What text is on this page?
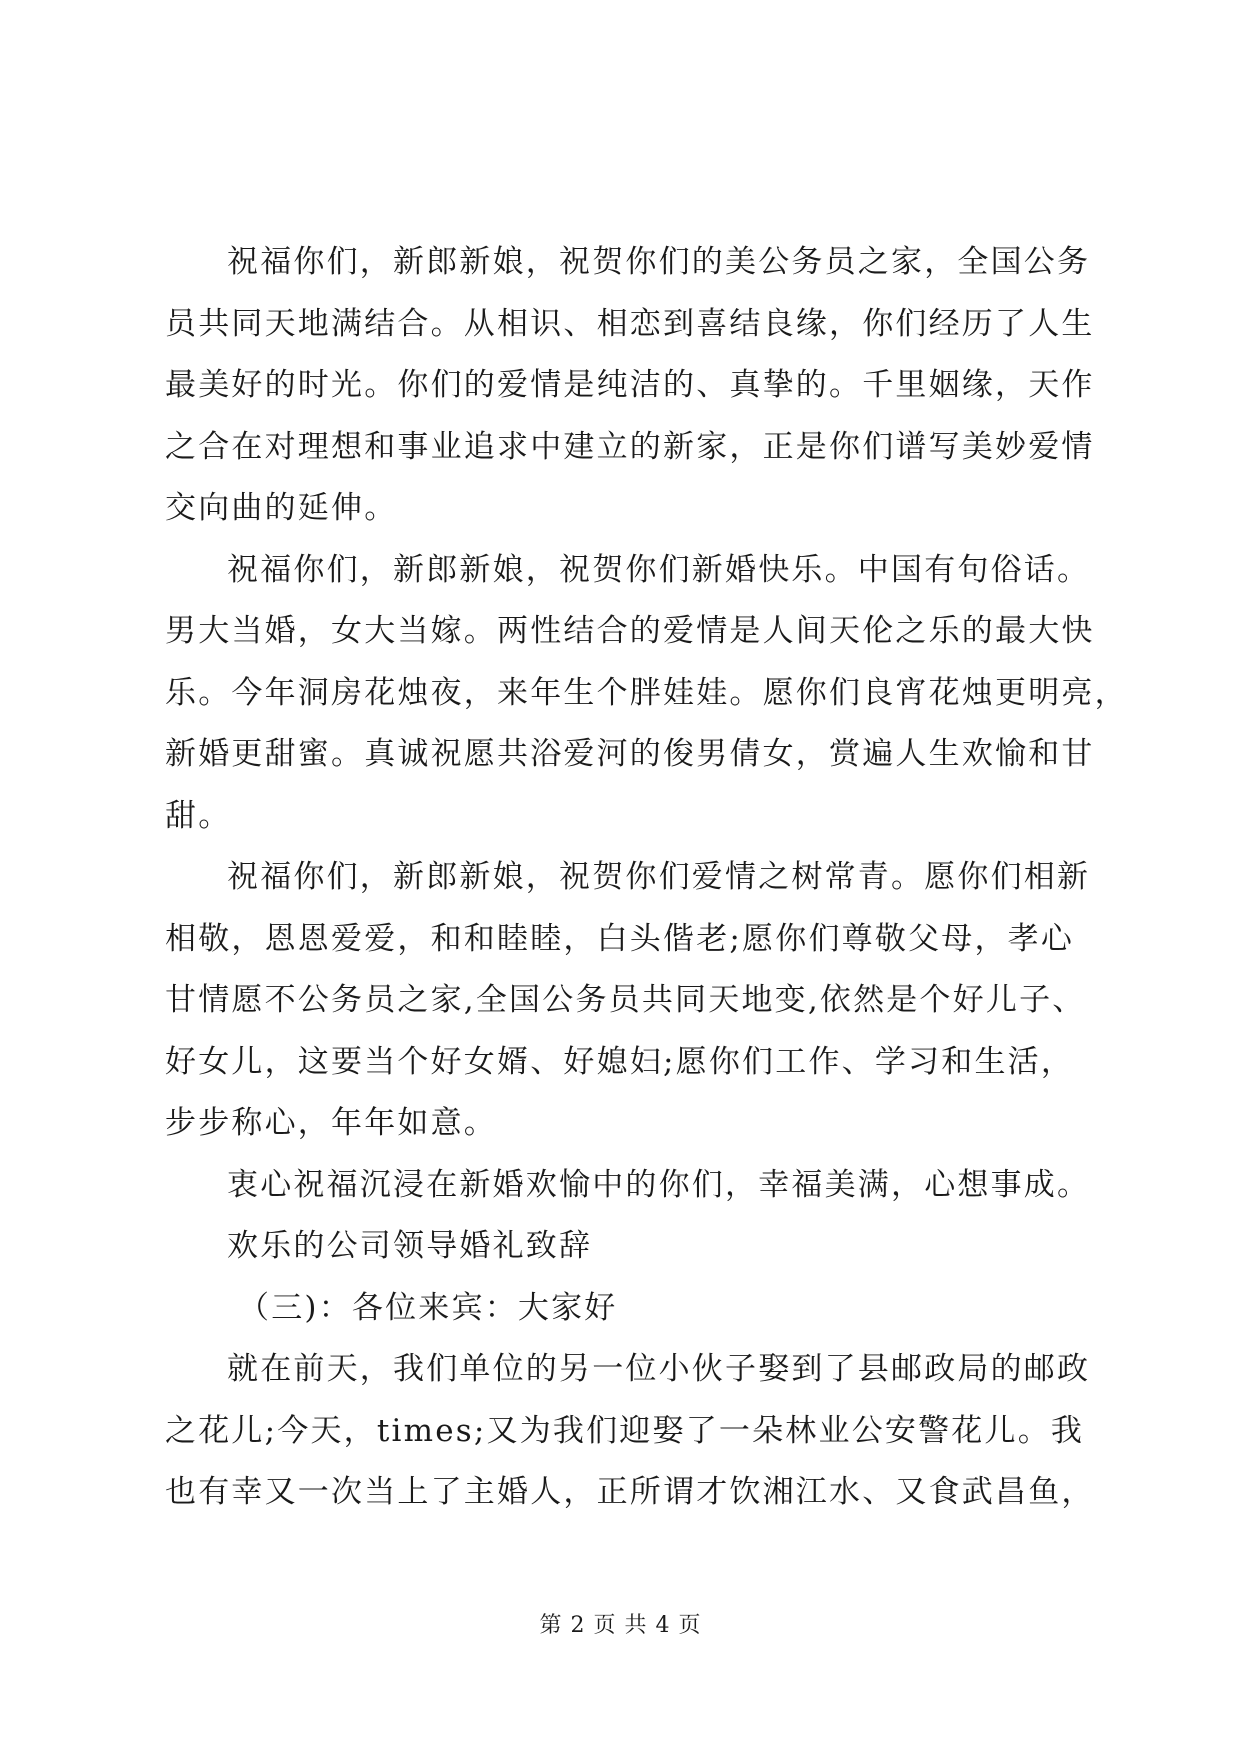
祝福你们，新郎新娘，祝贺你们的美公务员之家，全国公务
员共同天地满结合。从相识、相恋到喜结良缘，你们经历了人生
最美好的时光。你们的爱情是纯洁的、真挚的。千里姻缘，天作
之合在对理想和事业追求中建立的新家，正是你们谱写美妙爱情
交向曲的延伸。
祝福你们，新郎新娘，祝贺你们新婚快乐。中国有句俗话。
男大当婚，女大当嫁。两性结合的爱情是人间天伦之乐的最大快
乐。今年洞房花烛夜，来年生个胖娃娃。愿你们良宵花烛更明亮，
新婚更甜蜜。真诚祝愿共浴爱河的俊男倩女，赏遍人生欢愉和甘
甜。
祝福你们，新郎新娘，祝贺你们爱情之树常青。愿你们相新
相敬，恩恩爱爱，和和睦睦，白头偕老;愿你们尊敬父母，孝心
甘情愿不公务员之家,全国公务员共同天地变,依然是个好儿子、
好女儿，这要当个好女婿、好媳妇;愿你们工作、学习和生活，
步步称心，年年如意。
衷心祝福沉浸在新婚欢愉中的你们，幸福美满，心想事成。
欢乐的公司领导婚礼致辞
（三)：各位来宾：大家好
就在前天，我们单位的另一位小伙子娶到了县邮政局的邮政
之花儿;今天，times;又为我们迎娶了一朵林业公安警花儿。我
也有幸又一次当上了主婚人，正所谓才饮湘江水、又食武昌鱼，
第 2 页 共 4 页
